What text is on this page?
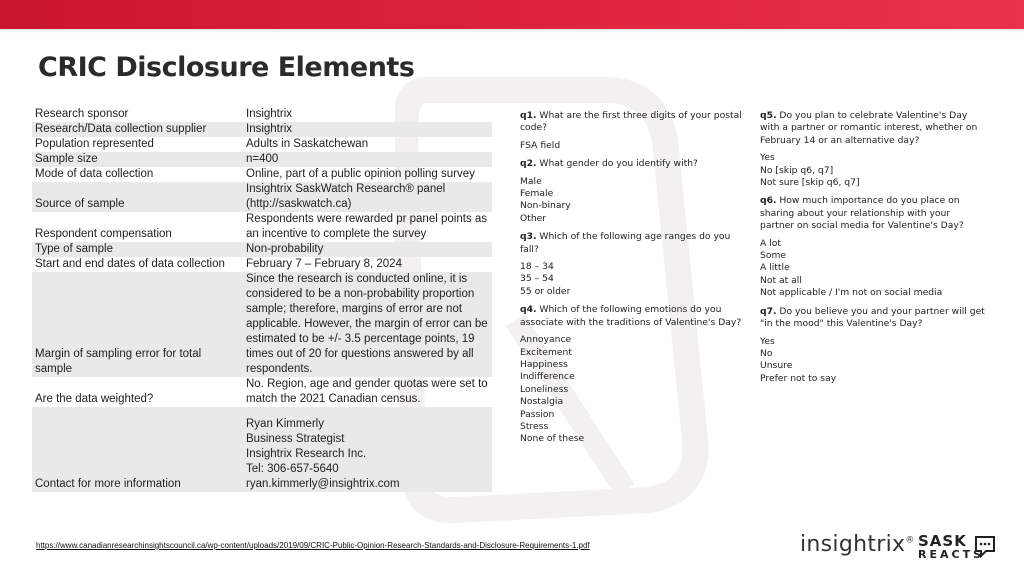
CRIC Disclosure Elements
Research sponsor	Insightrix
Research/Data collection supplier	Insightrix
Population represented	Adults in Saskatchewan
Sample size	n=400
Mode of data collection	Online, part of a public opinion polling survey
Source of sample	Insightrix SaskWatch Research® panel (http://saskwatch.ca)
Respondent compensation	Respondents were rewarded pr panel points as an incentive to complete the survey
Type of sample	Non-probability
Start and end dates of data collection	February 7 – February 8, 2024
Margin of sampling error for total sample	Since the research is conducted online, it is considered to be a non-probability proportion sample; therefore, margins of error are not applicable. However, the margin of error can be estimated to be +/- 3.5 percentage points, 19 times out of 20 for questions answered by all respondents.
Are the data weighted?	No. Region, age and gender quotas were set to match the 2021 Canadian census.
Contact for more information	Ryan Kimmerly
Business Strategist
Insightrix Research Inc.
Tel: 306-657-5640
ryan.kimmerly@insightrix.com
q1. What are the first three digits of your postal code?
FSA field
q2. What gender do you identify with?
Male
Female
Non-binary
Other
q3. Which of the following age ranges do you fall?
18 – 34
35 – 54
55 or older
q4. Which of the following emotions do you associate with the traditions of Valentine's Day?
Annoyance
Excitement
Happiness
Indifference
Loneliness
Nostalgia
Passion
Stress
None of these
q5. Do you plan to celebrate Valentine's Day with a partner or romantic interest, whether on February 14 or an alternative day?
Yes
No [skip q6, q7]
Not sure [skip q6, q7]
q6. How much importance do you place on sharing about your relationship with your partner on social media for Valentine's Day?
A lot
Some
A little
Not at all
Not applicable / I'm not on social media
q7. Do you believe you and your partner will get "in the mood" this Valentine's Day?
Yes
No
Unsure
Prefer not to say
https://www.canadianresearchinsightscouncil.ca/wp-content/uploads/2019/09/CRIC-Public-Opinion-Research-Standards-and-Disclosure-Requirements-1.pdf	insightrix® SASK
REACTS
